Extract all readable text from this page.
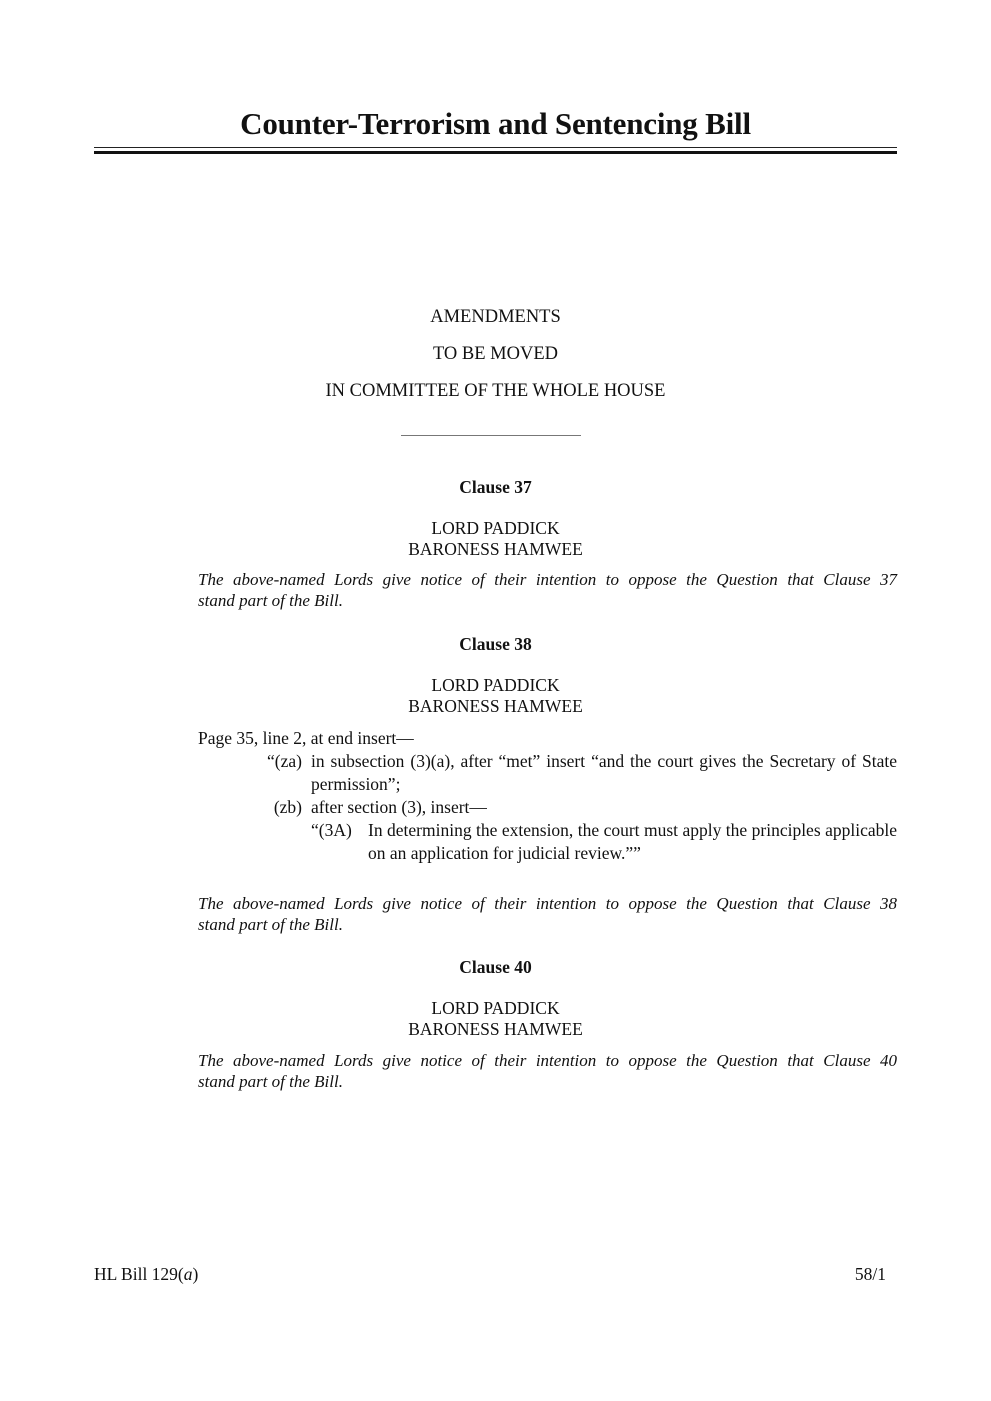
Counter-Terrorism and Sentencing Bill
AMENDMENTS
TO BE MOVED
IN COMMITTEE OF THE WHOLE HOUSE
Clause 37
LORD PADDICK
BARONESS HAMWEE
The above-named Lords give notice of their intention to oppose the Question that Clause 37
stand part of the Bill.
Clause 38
LORD PADDICK
BARONESS HAMWEE
Page 35, line 2, at end insert—
“(za) in subsection (3)(a), after “met” insert “and the court gives the Secretary of State permission”;
(zb) after section (3), insert—
“(3A) In determining the extension, the court must apply the principles applicable on an application for judicial review.””
The above-named Lords give notice of their intention to oppose the Question that Clause 38
stand part of the Bill.
Clause 40
LORD PADDICK
BARONESS HAMWEE
The above-named Lords give notice of their intention to oppose the Question that Clause 40
stand part of the Bill.
HL Bill 129(a)	58/1
